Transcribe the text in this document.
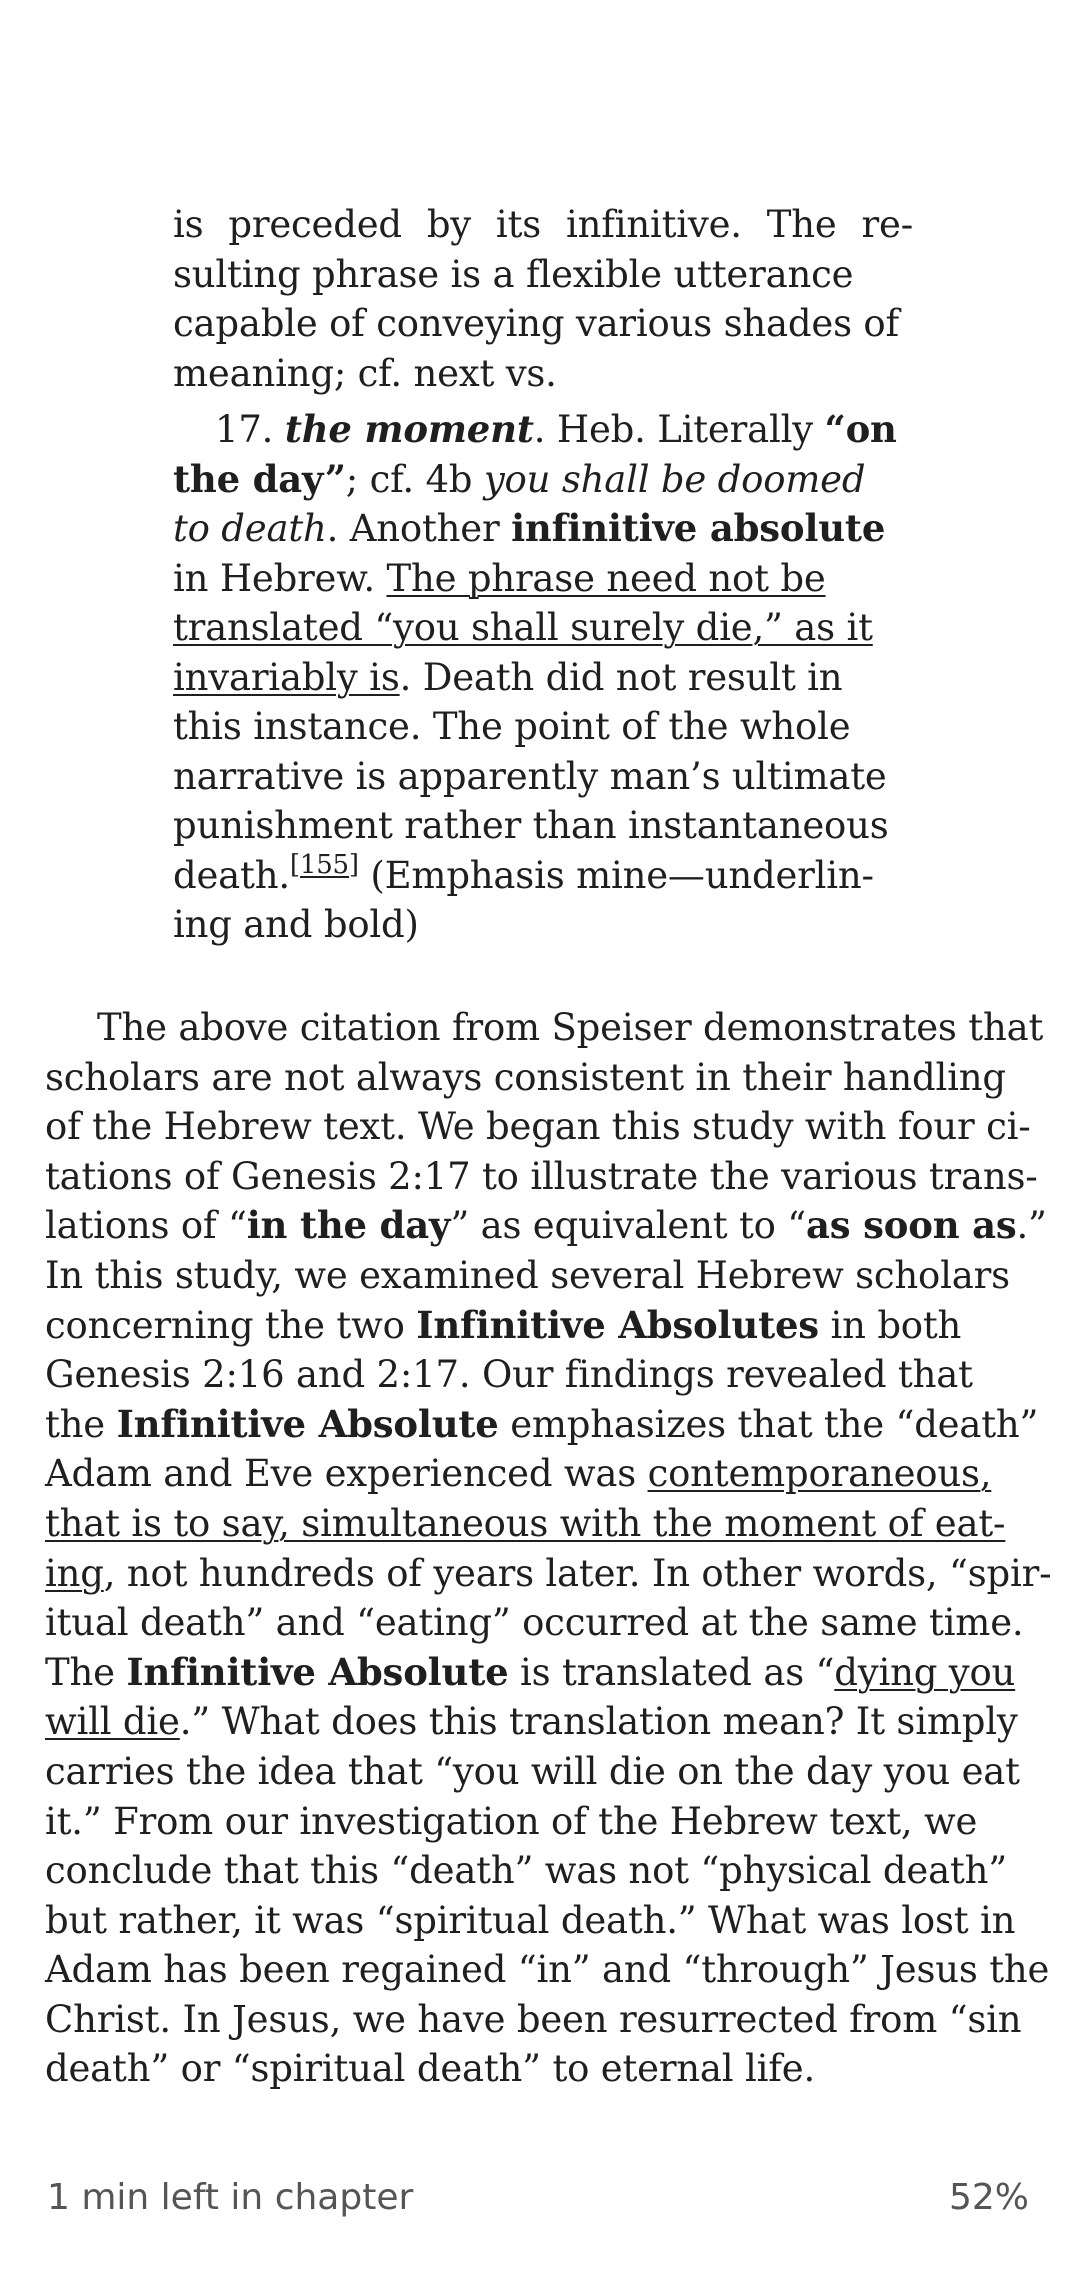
is preceded by its infinitive. The re-
sulting phrase is a flexible utterance
capable of conveying various shades of
meaning; cf. next vs.

17. the moment. Heb. Literally “on
the day”; cf. 4b you shall be doomed
to death. Another infinitive absolute
in Hebrew. The phrase need not be
translated “you shall surely die,” as it
invariably is. Death did not result in
this instance. The point of the whole
narrative is apparently man’s ultimate
punishment rather than instantaneous
death.[155] (Emphasis mine—underlin-
ing and bold)

The above citation from Speiser demonstrates that
scholars are not always consistent in their handling
of the Hebrew text. We began this study with four ci-
tations of Genesis 2:17 to illustrate the various trans-
lations of “in the day” as equivalent to “as soon as.”
In this study, we examined several Hebrew scholars
concerning the two Infinitive Absolutes in both
Genesis 2:16 and 2:17. Our findings revealed that
the Infinitive Absolute emphasizes that the “death”
Adam and Eve experienced was contemporaneous,
that is to say, simultaneous with the moment of eat-
ing, not hundreds of years later. In other words, “spir-
itual death” and “eating” occurred at the same time.
The Infinitive Absolute is translated as “dying you
will die.” What does this translation mean? It simply
carries the idea that “you will die on the day you eat
it.” From our investigation of the Hebrew text, we
conclude that this “death” was not “physical death”
but rather, it was “spiritual death.” What was lost in
Adam has been regained “in” and “through” Jesus the
Christ. In Jesus, we have been resurrected from “sin
death” or “spiritual death” to eternal life.

1 min left in chapter	52%
